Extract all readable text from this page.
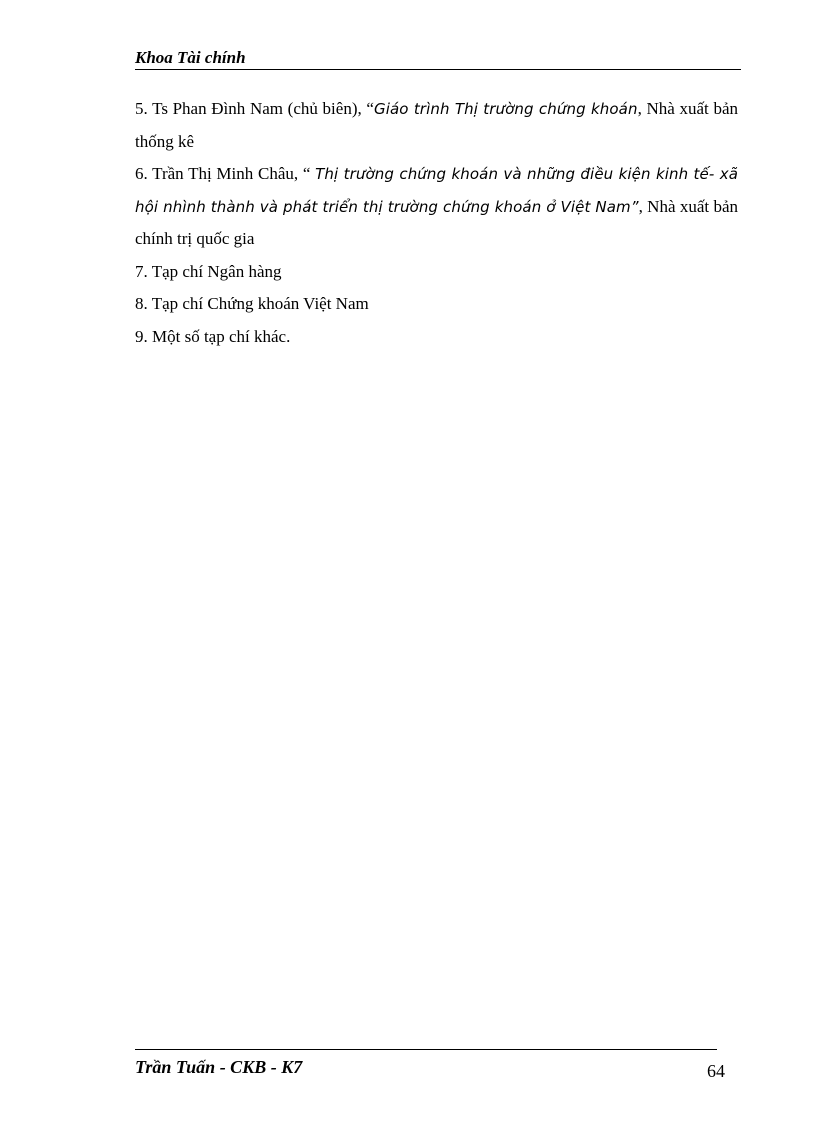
Khoa Tài chính

5. Ts Phan Đình Nam (chủ biên), “Giáo trình Thị trường chứng khoán, Nhà xuất bản thống kê

6. Trần Thị Minh Châu, “ Thị trường chứng khoán và những điều kiện kinh tế- xã hội nhình thành và phát triển thị trường chứng khoán ở Việt Nam”, Nhà xuất bản chính trị quốc gia

7. Tạp chí Ngân hàng

8. Tạp chí Chứng khoán Việt Nam

9. Một số tạp chí khác.

Trần Tuấn - CKB - K7	64
